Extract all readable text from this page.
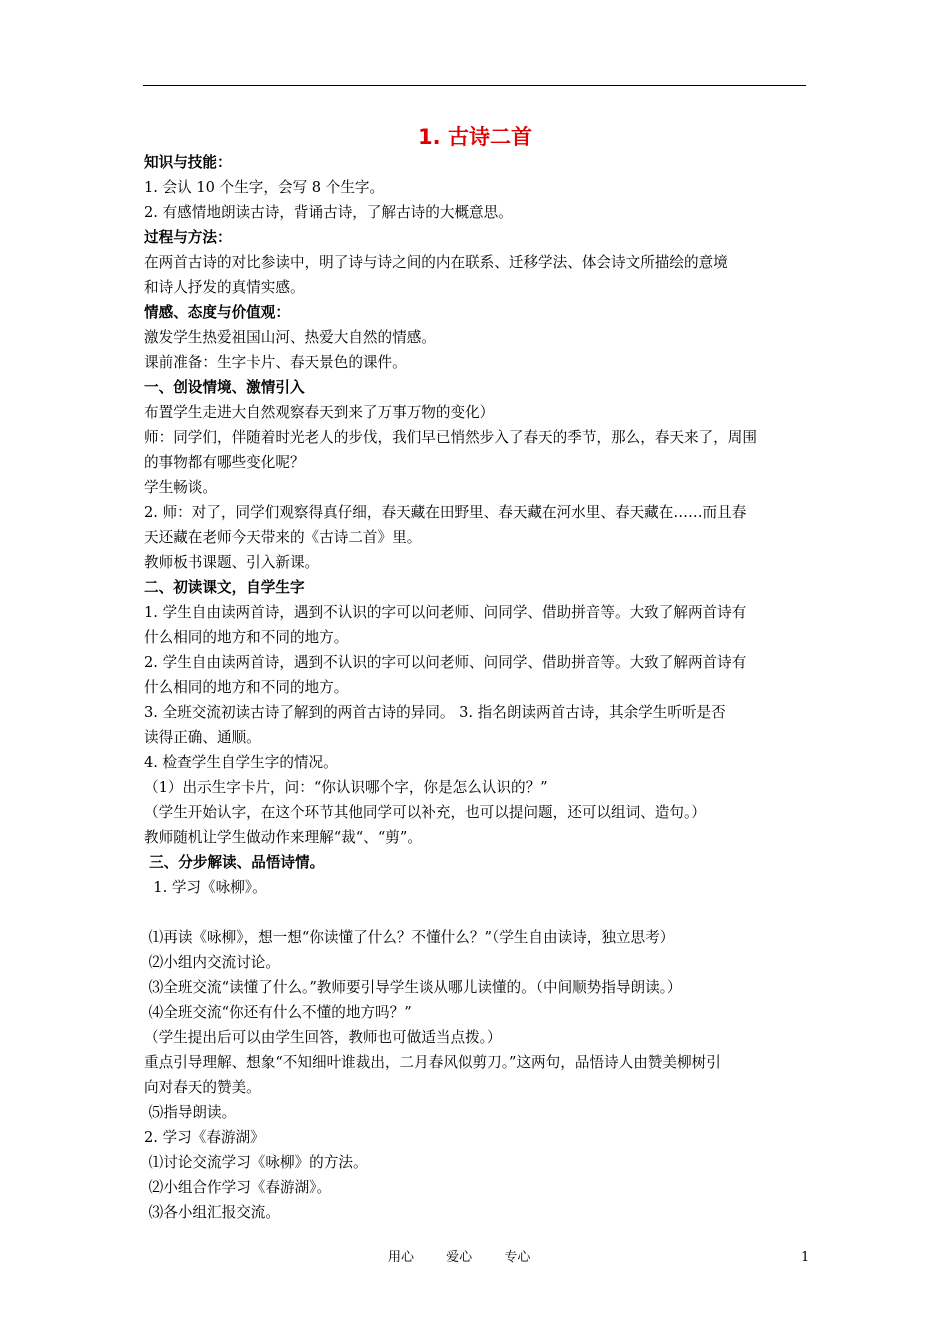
1. 古诗二首
知识与技能：
1. 会认 10 个生字，会写 8 个生字。
2. 有感情地朗读古诗，背诵古诗，了解古诗的大概意思。
过程与方法：
在两首古诗的对比参读中，明了诗与诗之间的内在联系、迁移学法、体会诗文所描绘的意境
和诗人抒发的真情实感。
情感、态度与价值观：
激发学生热爱祖国山河、热爱大自然的情感。
课前准备：生字卡片、春天景色的课件。
一、创设情境、激情引入
布置学生走进大自然观察春天到来了万事万物的变化）
师：同学们，伴随着时光老人的步伐，我们早已悄然步入了春天的季节，那么，春天来了，周围
的事物都有哪些变化呢？
学生畅谈。
2. 师：对了，同学们观察得真仔细，春天藏在田野里、春天藏在河水里、春天藏在……而且春
天还藏在老师今天带来的《古诗二首》里。
教师板书课题、引入新课。
二、初读课文，自学生字
1. 学生自由读两首诗，遇到不认识的字可以问老师、问同学、借助拼音等。大致了解两首诗有
什么相同的地方和不同的地方。
2. 学生自由读两首诗，遇到不认识的字可以问老师、问同学、借助拼音等。大致了解两首诗有
什么相同的地方和不同的地方。
3. 全班交流初读古诗了解到的两首古诗的异同。 3. 指名朗读两首古诗，其余学生听听是否
读得正确、通顺。
4. 检查学生自学生字的情况。
（1）出示生字卡片，问：“你认识哪个字，你是怎么认识的？”
（学生开始认字，在这个环节其他同学可以补充，也可以提问题，还可以组词、造句。）
教师随机让学生做动作来理解“裁“、“剪”。
三、分步解读、品悟诗情。
1. 学习《咏柳》。
⑴再读《咏柳》，想一想“你读懂了什么？不懂什么？”（学生自由读诗，独立思考）
⑵小组内交流讨论。
⑶全班交流“读懂了什么。”教师要引导学生谈从哪儿读懂的。（中间顺势指导朗读。）
⑷全班交流“你还有什么不懂的地方吗？”
（学生提出后可以由学生回答，教师也可做适当点拨。）
重点引导理解、想象“不知细叶谁裁出，二月春风似剪刀。”这两句，品悟诗人由赞美柳树引
向对春天的赞美。
⑸指导朗读。
2. 学习《春游湖》
⑴讨论交流学习《咏柳》的方法。
⑵小组合作学习《春游湖》。
⑶各小组汇报交流。
用心 爱心 专心	1
